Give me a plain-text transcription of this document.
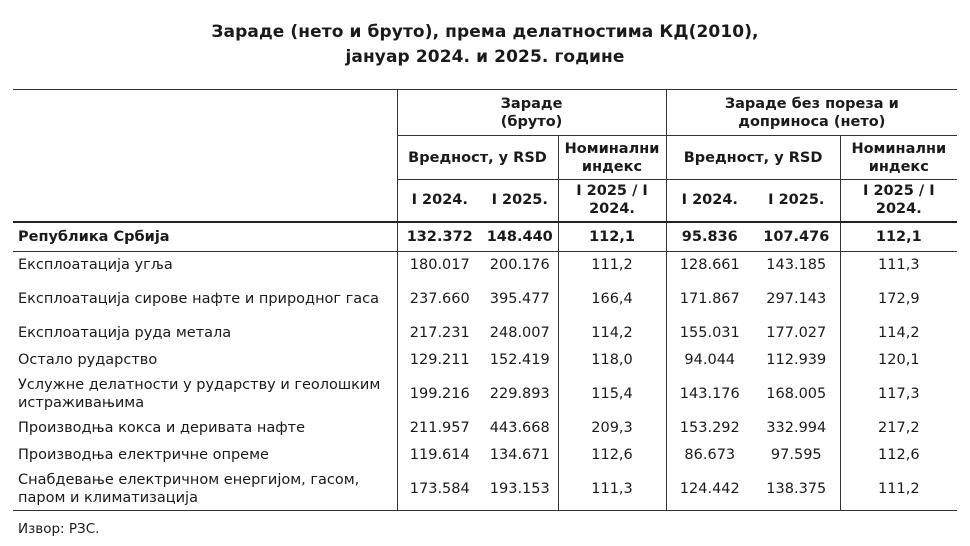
Зараде (нето и бруто), према делатностима КД(2010),
јануар 2024. и 2025. године
	Зараде (бруто)			Зараде без пореза и доприноса (нето)		
	Вредност, у RSD		Номинални индекс	Вредност, у RSD		Номинални индекс
	I 2024.	I 2025.	I 2025 / I 2024.	I 2024.	I 2025.	I 2025 / I 2024.
Република Србија	132.372	148.440	112,1	95.836	107.476	112,1
Експлоатација угља	180.017	200.176	111,2	128.661	143.185	111,3
Експлоатација сирове нафте и природног гаса	237.660	395.477	166,4	171.867	297.143	172,9
Експлоатација руда метала	217.231	248.007	114,2	155.031	177.027	114,2
Остало рударство	129.211	152.419	118,0	94.044	112.939	120,1
Услужне делатности у рударству и геолошким истраживањима	199.216	229.893	115,4	143.176	168.005	117,3
Производња кокса и деривата нафте	211.957	443.668	209,3	153.292	332.994	217,2
Производња електричне опреме	119.614	134.671	112,6	86.673	97.595	112,6
Снабдевање електричном енергијом, гасом, паром и климатизација	173.584	193.153	111,3	124.442	138.375	111,2
Извор: РЗС.
